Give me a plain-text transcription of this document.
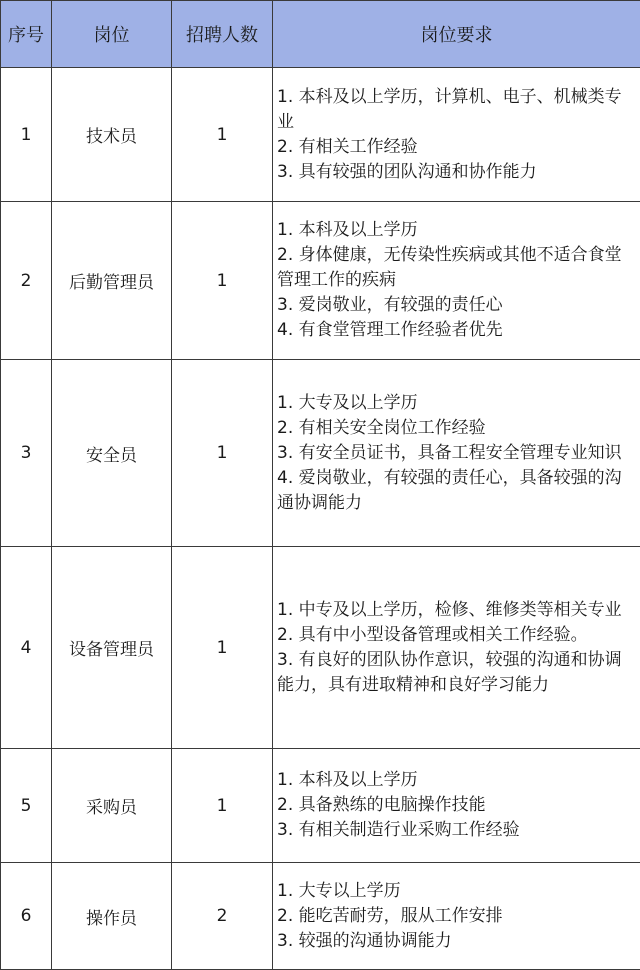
序号	岗位	招聘人数	岗位要求
1	技术员	1	1. 本科及以上学历，计算机、电子、机械类专业
2. 有相关工作经验
3. 具有较强的团队沟通和协作能力

2	后勤管理员	1	1. 本科及以上学历
2. 身体健康，无传染性疾病或其他不适合食堂管理工作的疾病
3. 爱岗敬业，有较强的责任心
4. 有食堂管理工作经验者优先

3	安全员	1	1. 大专及以上学历
2. 有相关安全岗位工作经验
3. 有安全员证书，具备工程安全管理专业知识
4. 爱岗敬业，有较强的责任心，具备较强的沟通协调能力

4	设备管理员	1	1. 中专及以上学历，检修、维修类等相关专业
2. 具有中小型设备管理或相关工作经验。
3. 有良好的团队协作意识，较强的沟通和协调能力，具有进取精神和良好学习能力

5	采购员	1	1. 本科及以上学历
2. 具备熟练的电脑操作技能
3. 有相关制造行业采购工作经验

6	操作员	2	1. 大专以上学历
2. 能吃苦耐劳，服从工作安排
3. 较强的沟通协调能力
